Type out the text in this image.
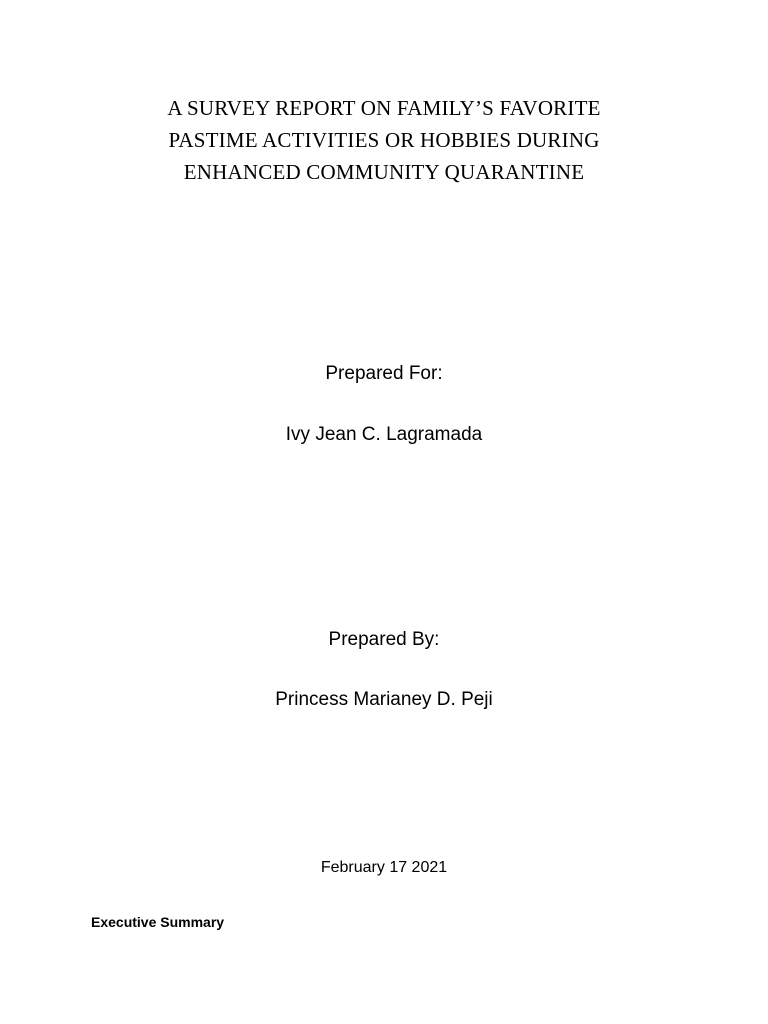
A SURVEY REPORT ON FAMILY’S FAVORITE

PASTIME ACTIVITIES OR HOBBIES DURING

ENHANCED COMMUNITY QUARANTINE

Prepared For:
Ivy Jean C. Lagramada
Prepared By:
Princess Marianey D. Peji
February 17 2021
Executive Summary
